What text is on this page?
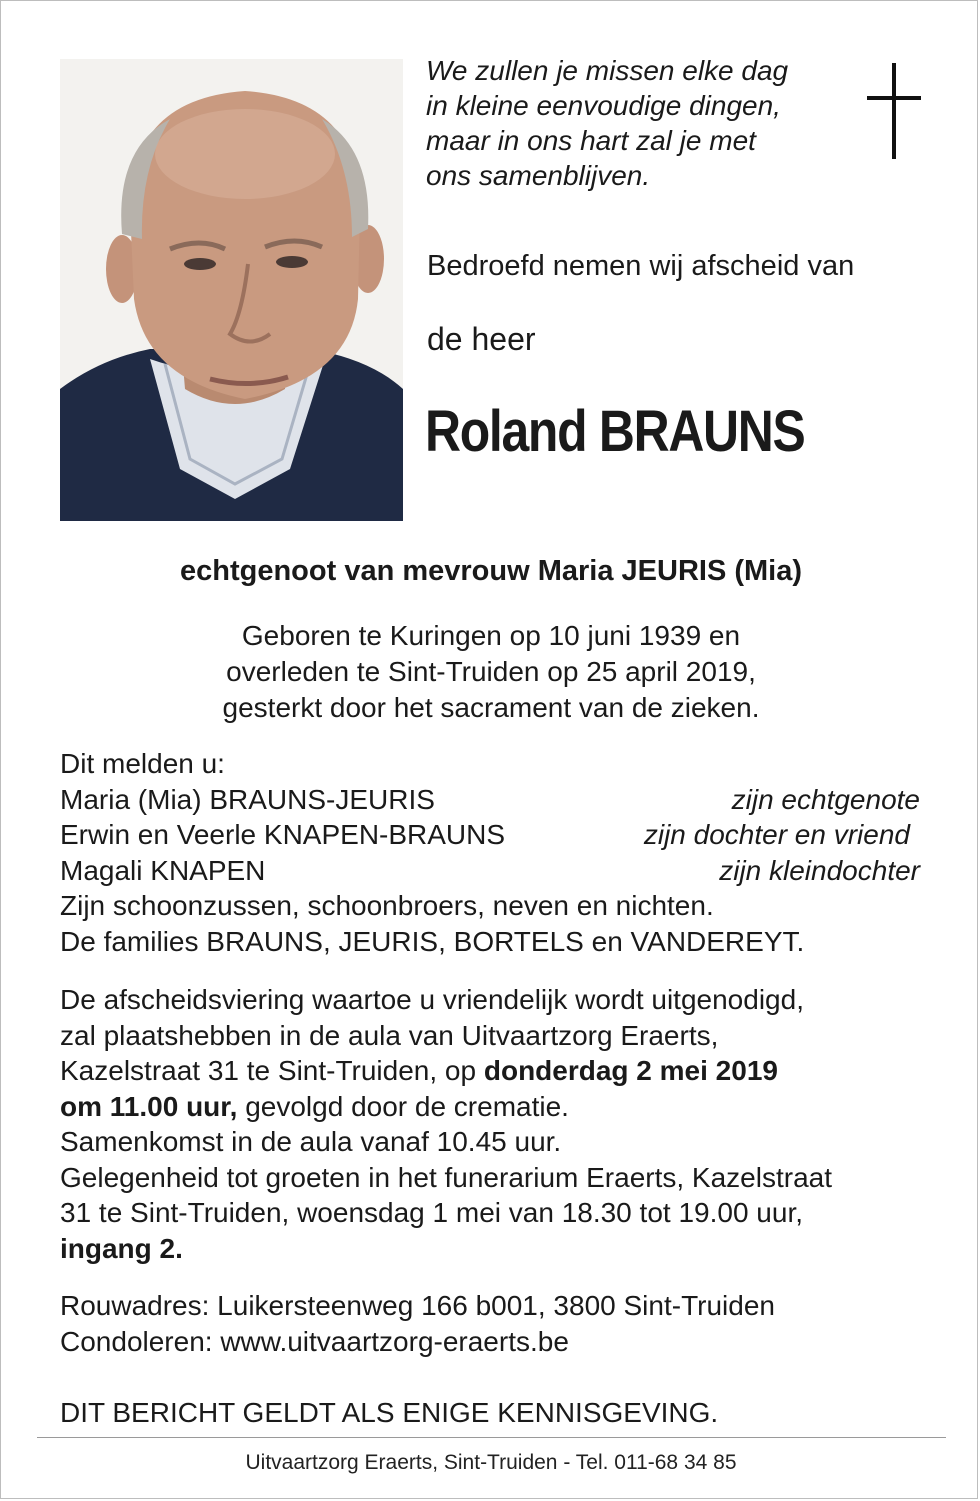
We zullen je missen elke dag
in kleine eenvoudige dingen,
maar in ons hart zal je met
ons samenblijven.
Bedroefd nemen wij afscheid van
de heer
Roland BRAUNS
echtgenoot van mevrouw Maria JEURIS (Mia)
Geboren te Kuringen op 10 juni 1939 en
overleden te Sint-Truiden op 25 april 2019,
gesterkt door het sacrament van de zieken.
Dit melden u:
Maria (Mia) BRAUNS-JEURIS	zijn echtgenote
Erwin en Veerle KNAPEN-BRAUNS	zijn dochter en vriend
Magali KNAPEN	zijn kleindochter
Zijn schoonzussen, schoonbroers, neven en nichten.
De families BRAUNS, JEURIS, BORTELS en VANDEREYT.
De afscheidsviering waartoe u vriendelijk wordt uitgenodigd,
zal plaatshebben in de aula van Uitvaartzorg Eraerts,
Kazelstraat 31 te Sint-Truiden, op donderdag 2 mei 2019
om 11.00 uur, gevolgd door de crematie.
Samenkomst in de aula vanaf 10.45 uur.
Gelegenheid tot groeten in het funerarium Eraerts, Kazelstraat
31 te Sint-Truiden, woensdag 1 mei van 18.30 tot 19.00 uur,
ingang 2.
Rouwadres: Luikersteenweg 166 b001, 3800 Sint-Truiden
Condoleren: www.uitvaartzorg-eraerts.be
DIT BERICHT GELDT ALS ENIGE KENNISGEVING.
Uitvaartzorg Eraerts, Sint-Truiden - Tel. 011-68 34 85
